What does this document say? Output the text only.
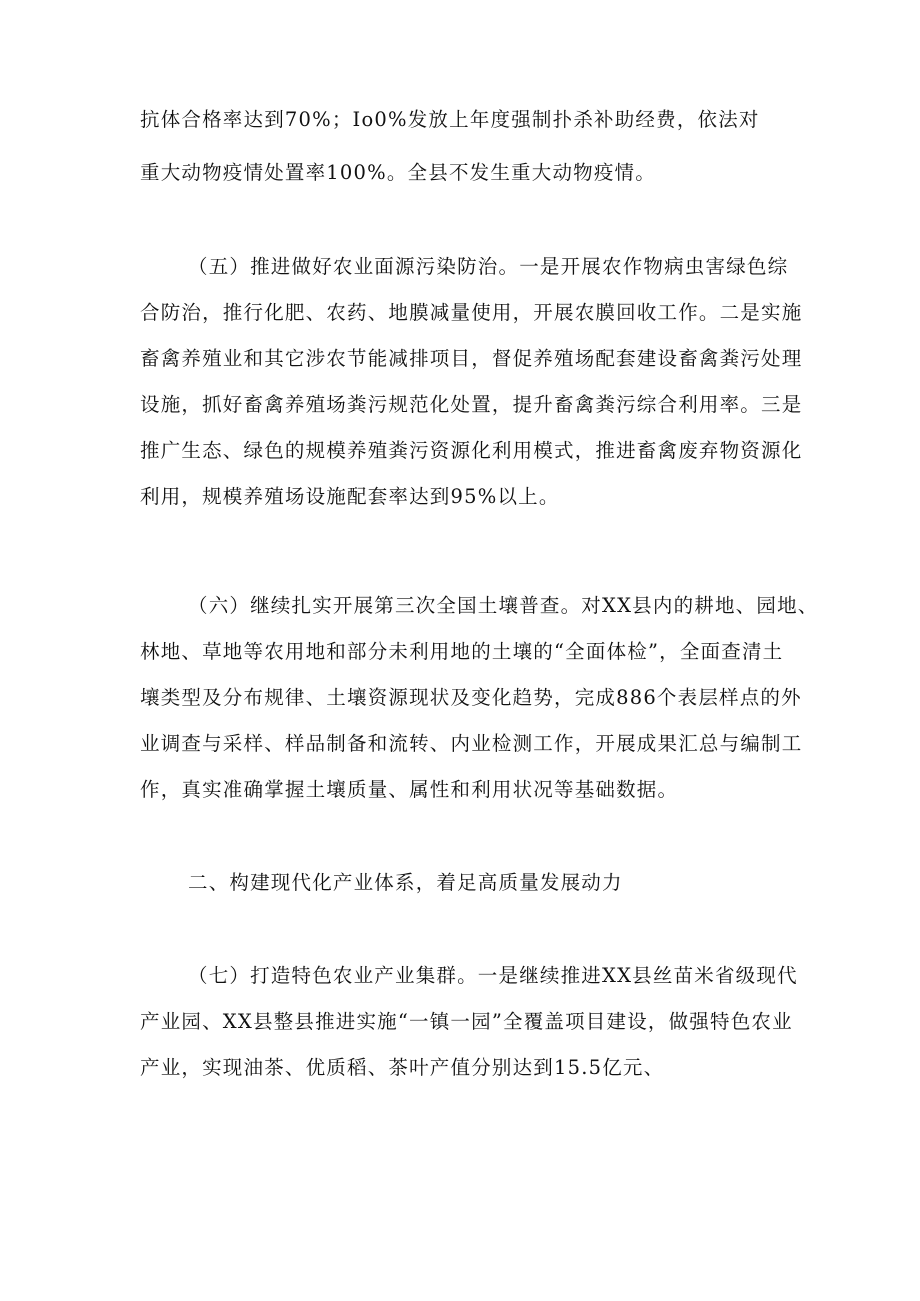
抗体合格率达到70%；Io0%发放上年度强制扑杀补助经费，依法对
重大动物疫情处置率100%。全县不发生重大动物疫情。
（五）推进做好农业面源污染防治。一是开展农作物病虫害绿色综
合防治，推行化肥、农药、地膜减量使用，开展农膜回收工作。二是实施
畜禽养殖业和其它涉农节能减排项目，督促养殖场配套建设畜禽粪污处理
设施，抓好畜禽养殖场粪污规范化处置，提升畜禽粪污综合利用率。三是
推广生态、绿色的规模养殖粪污资源化利用模式，推进畜禽废弃物资源化
利用，规模养殖场设施配套率达到95%以上。
（六）继续扎实开展第三次全国土壤普查。对XX县内的耕地、园地、
林地、草地等农用地和部分未利用地的土壤的“全面体检”，全面查清土
壤类型及分布规律、土壤资源现状及变化趋势，完成886个表层样点的外
业调查与采样、样品制备和流转、内业检测工作，开展成果汇总与编制工
作，真实准确掌握土壤质量、属性和利用状况等基础数据。
二、构建现代化产业体系，着足高质量发展动力
（七）打造特色农业产业集群。一是继续推进XX县丝苗米省级现代
产业园、XX县整县推进实施“一镇一园”全覆盖项目建设，做强特色农业
产业，实现油茶、优质稻、茶叶产值分别达到15.5亿元、
